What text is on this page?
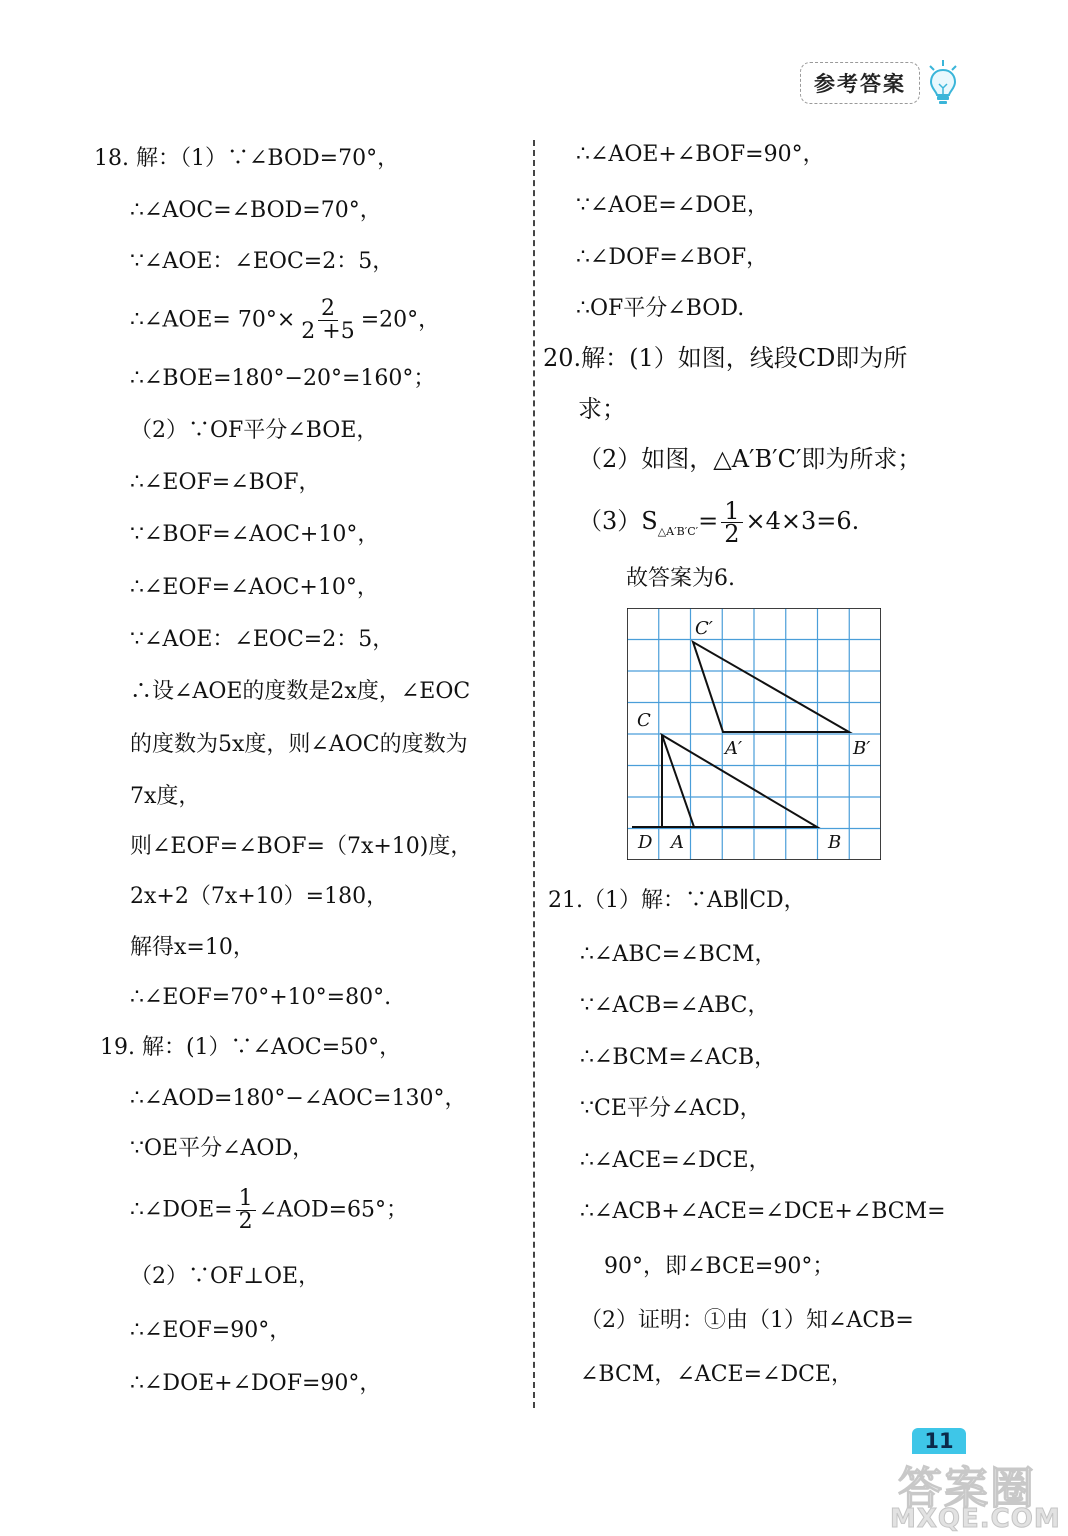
参考答案
18. 解：（1）∵∠BOD=70°，
∴∠AOC=∠BOD=70°，
∵∠AOE：∠EOC=2：5，
∴∠AOE= $70^\circ\times \frac{2}{2 +5} =20^\circ$，
∴∠BOE=180°−20°=160°；
（2）∵OF平分∠BOE，
∴∠EOF=∠BOF，
∵∠BOF=∠AOC+10°，
∴∠EOF=∠AOC+10°，
∵∠AOE：∠EOC=2：5，
∴设∠AOE的度数是2x度，∠EOC
的度数为5x度，则∠AOC的度数为
7x度，
则∠EOF=∠BOF=（7x+10)度，
2x+2（7x+10）=180，
解得x=10，
∴∠EOF=70°+10°=80°.
19. 解：(1）∵∠AOC=50°，
∴∠AOD=180°−∠AOC=130°，
∵OE平分∠AOD，
∴∠DOE= $\frac{1}{2}$ ∠AOD=65°；
（2）∵OF⊥OE，
∴∠EOF=90°，
∴∠DOE+∠DOF=90°，
∴∠AOE+∠BOF=90°，
∵∠AOE=∠DOE，
∴∠DOF=∠BOF，
∴OF平分∠BOD.
20.解：(1）如图，线段CD即为所
求；
（2）如图，△A′B′C′即为所求；
$(3)S_{\triangle A'B'C'}= \frac{1}{2} \times 4\times 3=6$.
故答案为6.
C′
C
A′	B′
D A	B
21.（1）解：∵AB∥CD，
∴∠ABC=∠BCM，
∵∠ACB=∠ABC，
∴∠BCM=∠ACB，
∵CE平分∠ACD，
∴∠ACE=∠DCE，
∴∠ACB+∠ACE=∠DCE+∠BCM=
90°，即∠BCE=90°；
（2）证明：①由（1）知∠ACB=
∠BCM，∠ACE=∠DCE，
11
答案圈
MXQE.COM
